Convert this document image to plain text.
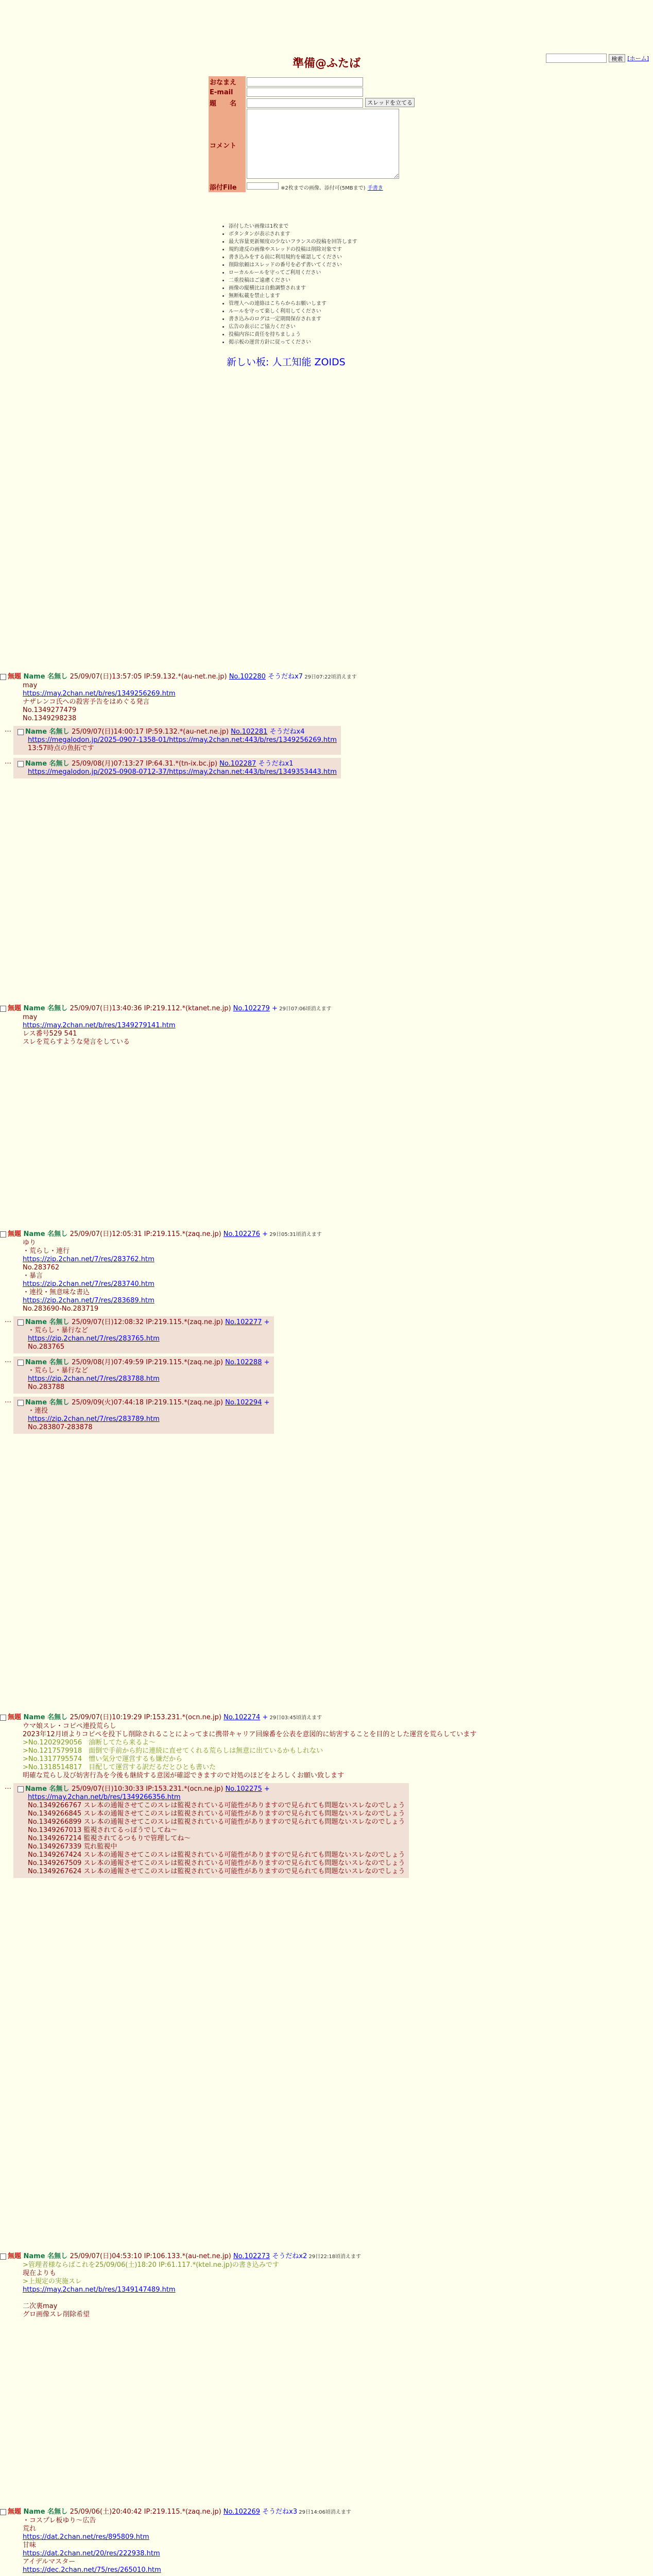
検索 [ホーム]
準備@ふたば
おなまえ	
E-mail	
題　　名	スレッドを立てる
コメント	
添付File	※2枚までの画像、添付可(5MBまで) 手書き
• 添付したい画像は1枚まで
• ボタンタンが表示されます
• 最大容量更新頻度の少ないフランスの投稿を回答します
• 規約違反の画像やスレッドの投稿は削除対象です
• 書き込みをする前に利用規約を確認してください
• 削除依頼はスレッドの番号を必ず書いてください
• ローカルルールを守ってご利用ください
• 二重投稿はご遠慮ください
• 画像の縦横比は自動調整されます
• 無断転載を禁止します
• 管理人への連絡はこちらからお願いします
• ルールを守って楽しく利用してください
• 書き込みのログは一定期間保存されます
• 広告の表示にご協力ください
• 投稿内容に責任を持ちましょう
• 掲示板の運営方針に従ってください
新しい板: 人工知能 ZOIDS
無題 Name 名無し 25/09/07(日)13:57:05 IP:59.132.*(au-net.ne.jp) No.102280 そうだねx7 29日07:22頃消えます
may
https://may.2chan.net/b/res/1349256269.htm
ナザレンコ氏への殺害予告をはめぐる発言
No.1349277479
No.1349298238
…	Name 名無し 25/09/07(日)14:00:17 IP:59.132.*(au-net.ne.jp) No.102281 そうだねx4
https://megalodon.jp/2025-0907-1358-01/https://may.2chan.net:443/b/res/1349256269.htm
13:57時点の魚拓です
…	Name 名無し 25/09/08(月)07:13:27 IP:64.31.*(tn-ix.bc.jp) No.102287 そうだねx1
https://megalodon.jp/2025-0908-0712-37/https://may.2chan.net:443/b/res/1349353443.htm
無題 Name 名無し 25/09/07(日)13:40:36 IP:219.112.*(ktanet.ne.jp) No.102279 + 29日07:06頃消えます
may
https://may.2chan.net/b/res/1349279141.htm
レス番号529 541
スレを荒らすような発言をしている
無題 Name 名無し 25/09/07(日)12:05:31 IP:219.115.*(zaq.ne.jp) No.102276 + 29日05:31頃消えます
ゆり
・荒らし・連行
https://zip.2chan.net/7/res/283762.htm
No.283762
・暴言
https://zip.2chan.net/7/res/283740.htm
・連投・無意味な書込
https://zip.2chan.net/7/res/283689.htm
No.283690-No.283719
…	Name 名無し 25/09/07(日)12:08:32 IP:219.115.*(zaq.ne.jp) No.102277 +
・荒らし・暴行など
https://zip.2chan.net/7/res/283765.htm
No.283765
…	Name 名無し 25/09/08(月)07:49:59 IP:219.115.*(zaq.ne.jp) No.102288 +
・荒らし・暴行など
https://zip.2chan.net/7/res/283788.htm
No.283788
…	Name 名無し 25/09/09(火)07:44:18 IP:219.115.*(zaq.ne.jp) No.102294 +
・連投
https://zip.2chan.net/7/res/283789.htm
No.283807-283878
無題 Name 名無し 25/09/07(日)10:19:29 IP:153.231.*(ocn.ne.jp) No.102274 + 29日03:45頃消えます
ウマ娘スレ・コピペ連投荒らし
2023年12月頃よりコピペを投下し削除されることによってまに携帯キャリア回線番を公表を意図的に妨害することを目的とした運営を荒らしています
>No.1202929056　油断してたら来るよ～
>No.1217579918　面倒で手前から約に連続に直せてくれる荒らしは無意に出ているかもしれない
>No.1317795574　憎い気分で運営するも嫌だから
>No.1318514817　目配して運営する訳だるだとひとも書いた
明確な荒らし及び妨害行為を今後も継続する意図が確認できますので対処のほどをよろしくお願い致します
…	Name 名無し 25/09/07(日)10:30:33 IP:153.231.*(ocn.ne.jp) No.102275 +
https://may.2chan.net/b/res/1349266356.htm
No.1349266767 スレ本の通報させてこのスレは監視されている可能性がありますので見られても問題ないスレなのでしょう
No.1349266845 スレ本の通報させてこのスレは監視されている可能性がありますので見られても問題ないスレなのでしょう
No.1349266899 スレ本の通報させてこのスレは監視されている可能性がありますので見られても問題ないスレなのでしょう
No.1349267013 監視されてるっぽうでしてね～
No.1349267214 監視されてるつもりで管理してね～
No.1349267339 荒れ監視中
No.1349267424 スレ本の通報させてこのスレは監視されている可能性がありますので見られても問題ないスレなのでしょう
No.1349267509 スレ本の通報させてこのスレは監視されている可能性がありますので見られても問題ないスレなのでしょう
No.1349267624 スレ本の通報させてこのスレは監視されている可能性がありますので見られても問題ないスレなのでしょう
無題 Name 名無し 25/09/07(日)04:53:10 IP:106.133.*(au-net.ne.jp) No.102273 そうだねx2 29日22:18頃消えます
>管理者様ならばこれを25/09/06(土)18:20 IP:61.117.*(ktel.ne.jp)の書き込みです
現在よりも
>上規定の実施スレ
https://may.2chan.net/b/res/1349147489.htm

二次裏may
グロ画像スレ削除希望
無題 Name 名無し 25/09/06(土)20:40:42 IP:219.115.*(zaq.ne.jp) No.102269 そうだねx3 29日14:06頃消えます
・コスプレ板ゆり～広告
荒れ
https://dat.2chan.net/res/895809.htm
甘味
https://dat.2chan.net/20/res/222938.htm
アイデルマスター
https://dec.2chan.net/75/res/265010.htm
